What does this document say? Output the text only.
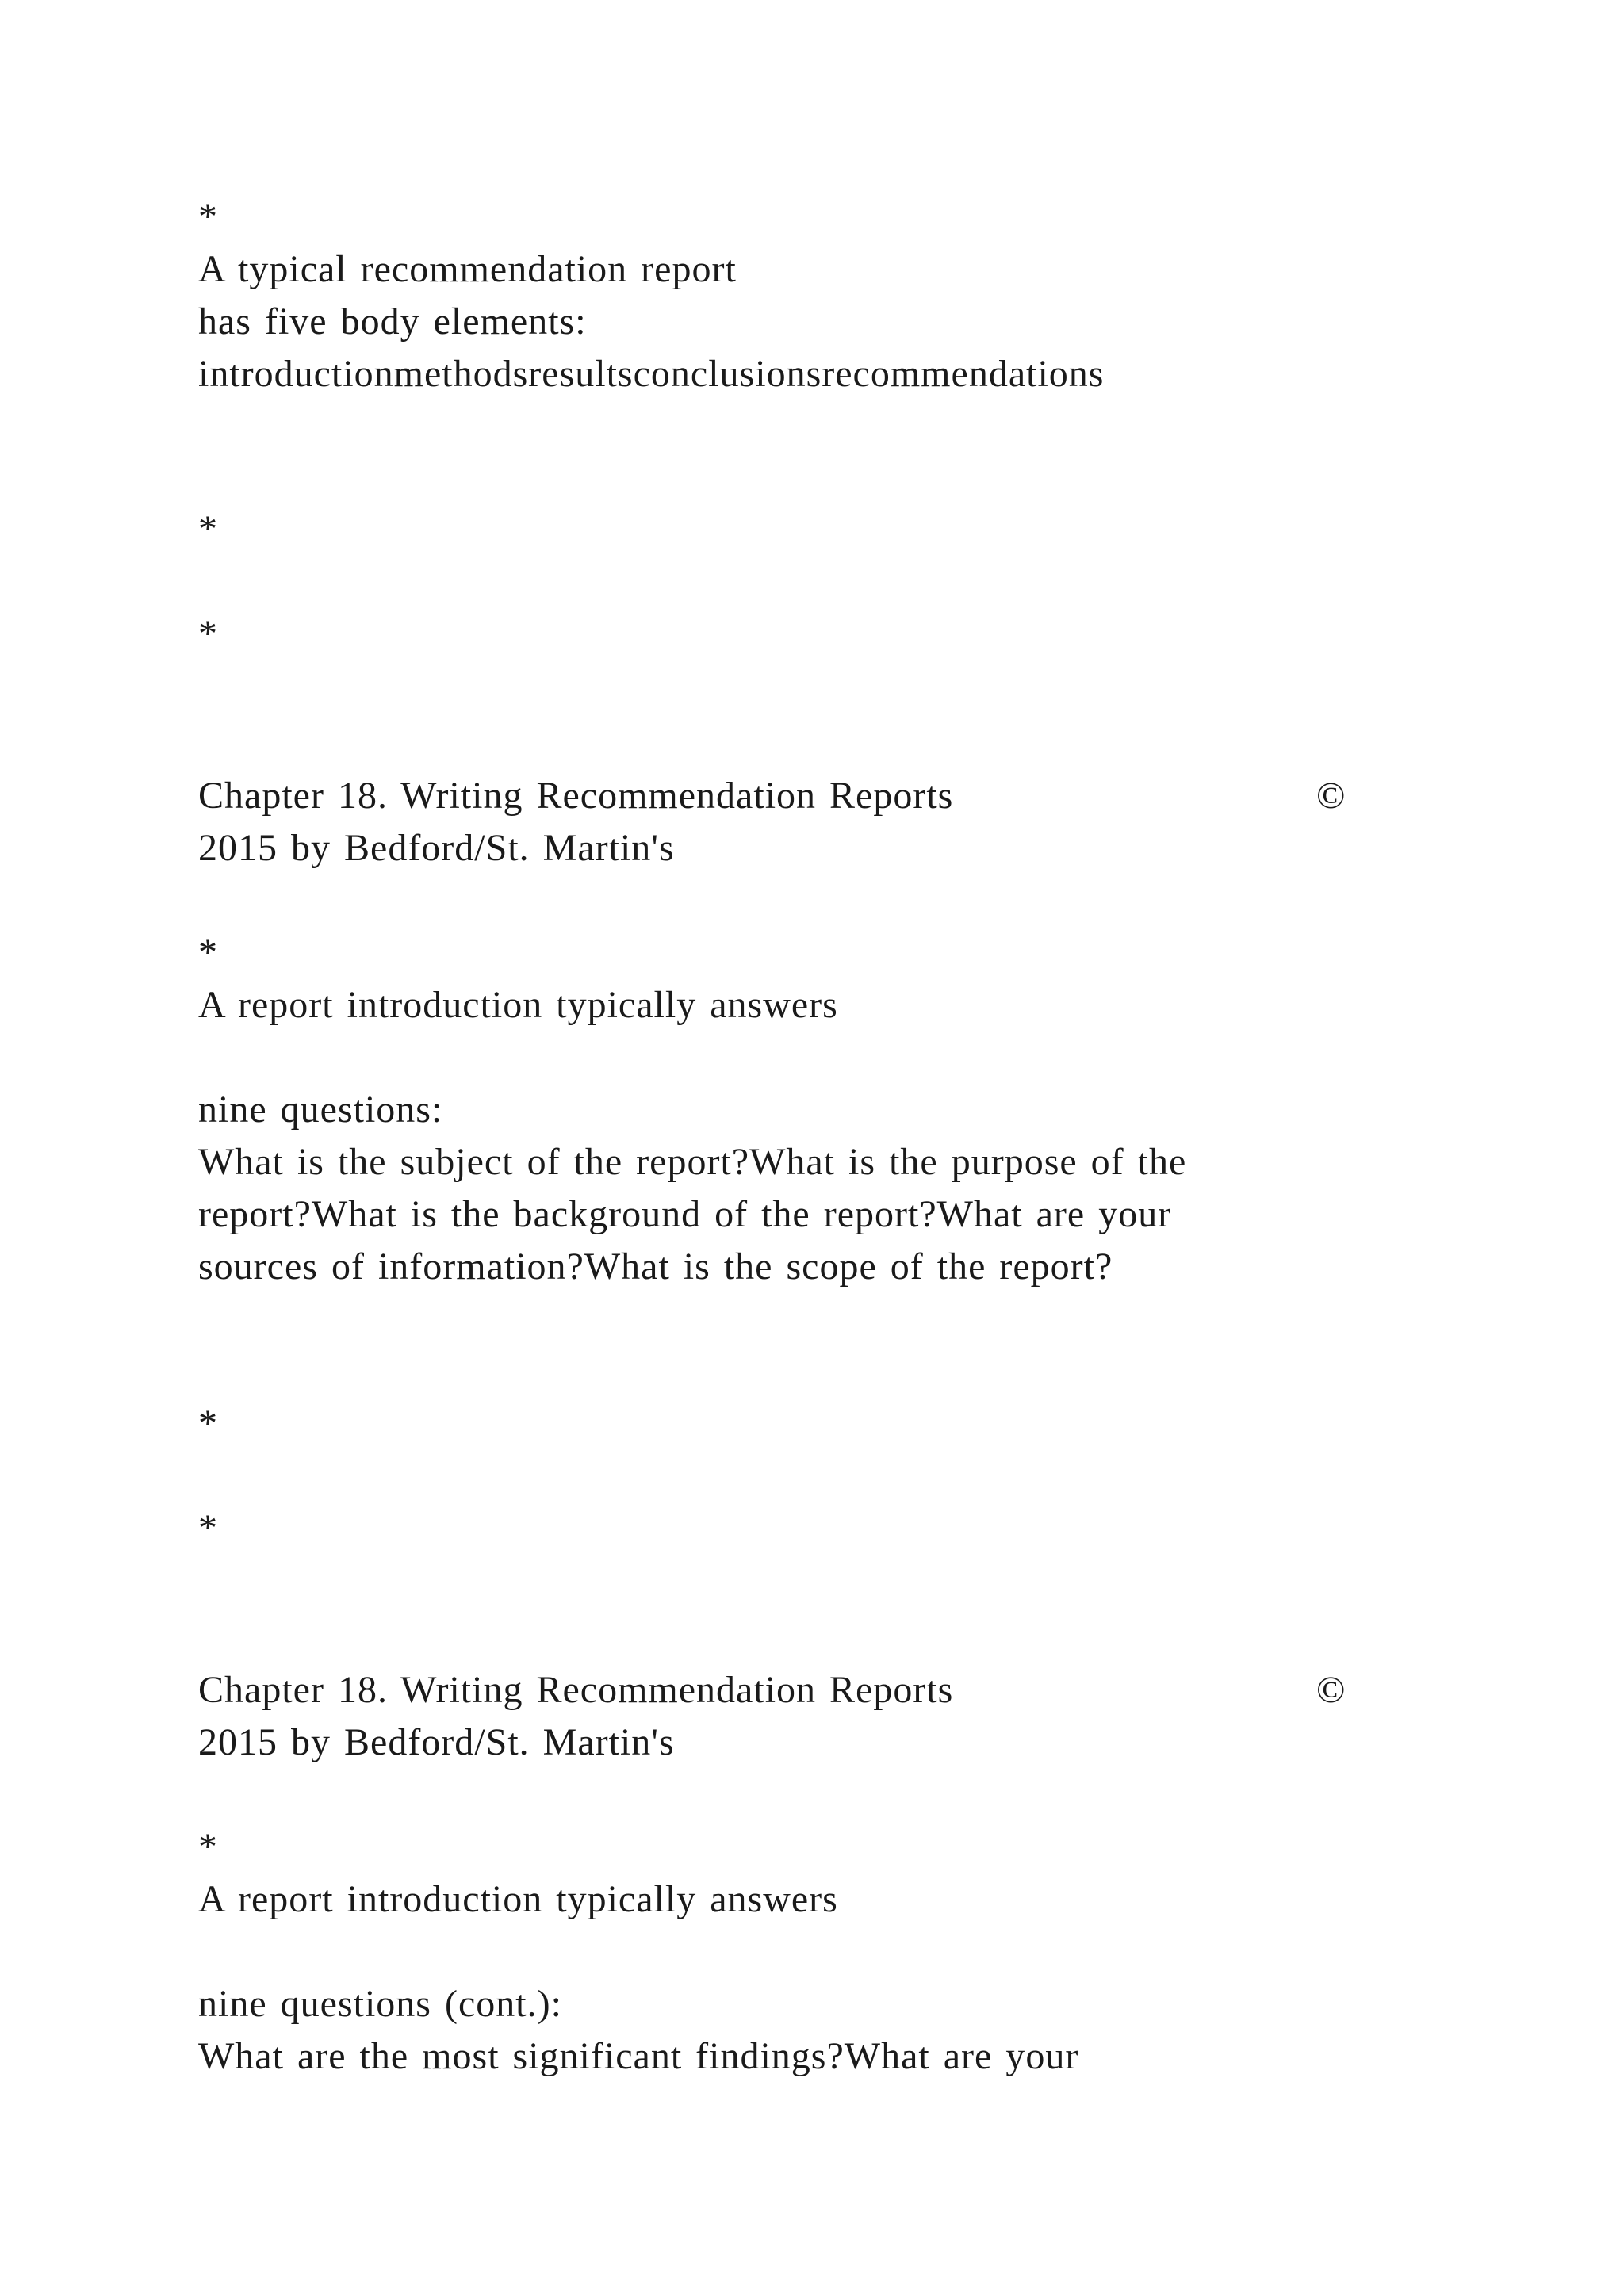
*

A typical recommendation report

has five body elements:

introductionmethodsresultsconclusionsrecommendations

*

*

Chapter 18. Writing Recommendation Reports	©

2015 by Bedford/St. Martin's

*

A report introduction typically answers

nine questions:

What is the subject of the report?What is the purpose of the

report?What is the background of the report?What are your

sources of information?What is the scope of the report?

*

*

Chapter 18. Writing Recommendation Reports	©

2015 by Bedford/St. Martin's

*

A report introduction typically answers

nine questions (cont.):

What are the most significant findings?What are your
